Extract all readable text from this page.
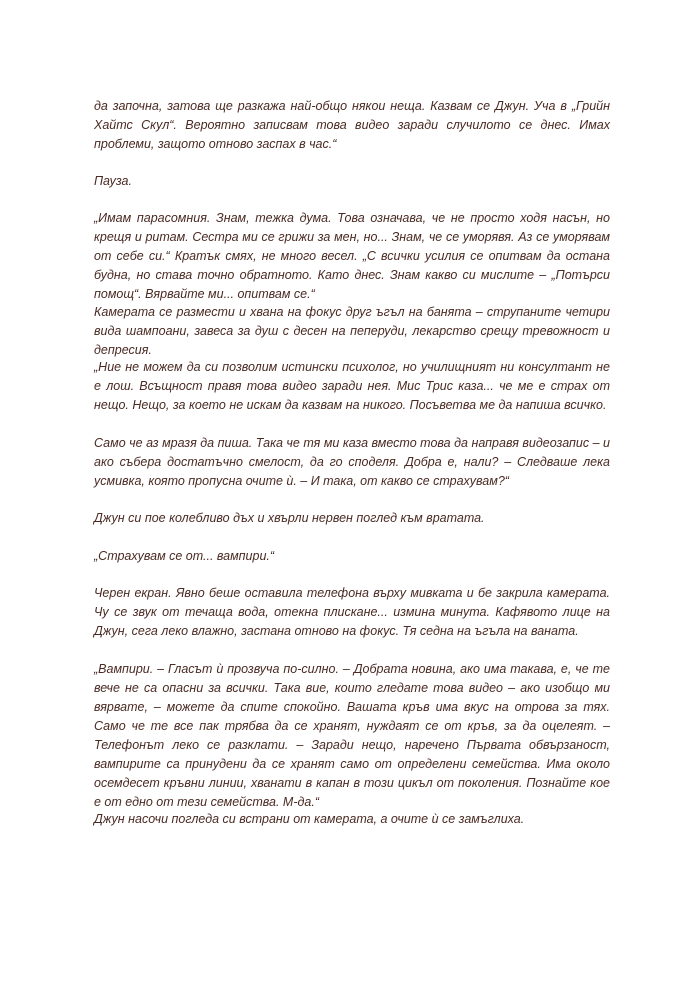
да започна, затова ще разкажа най-общо някои неща. Казвам се Джун. Уча в „Грийн Хайтс Скул“. Вероятно записвам това видео заради случилото се днес. Имах проблеми, защото отново заспах в час.“

Пауза.

„Имам парасомния. Знам, тежка дума. Това означава, че не просто ходя насън, но крещя и ритам. Сестра ми се грижи за мен, но... Знам, че се уморявя. Аз се уморявам от себе си.“ Кратък смях, не много весел. „С всички усилия се опитвам да остана будна, но става точно обратното. Като днес. Знам какво си мислите – „Потърси помощ“. Вярвайте ми... опитвам се.“

Камерата се размести и хвана на фокус друг ъгъл на банята – струпаните четири вида шампоани, завеса за душ с десен на пеперуди, лекарство срещу тревожност и депресия.

„Ние не можем да си позволим истински психолог, но училищният ни консултант не е лош. Всъщност правя това видео заради нея. Мис Трис каза... че ме е страх от нещо. Нещо, за което не искам да казвам на никого. Посъветва ме да напиша всичко.

Само че аз мразя да пиша. Така че тя ми каза вместо това да направя видеозапис – и ако събера достатъчно смелост, да го споделя. Добра е, нали? – Следваше лека усмивка, която пропусна очите ѝ. – И така, от какво се страхувам?“

Джун си пое колебливо дъх и хвърли нервен поглед към вратата.

„Страхувам се от... вампири.“

Черен екран. Явно беше оставила телефона върху мивката и бе закрила камерата. Чу се звук от течаща вода, отекна плискане... измина минута. Кафявото лице на Джун, сега леко влажно, застана отново на фокус. Тя седна на ъгъла на ваната.

„Вампири. – Гласът ѝ прозвуча по-силно. – Добрата новина, ако има такава, е, че те вече не са опасни за всички. Така вие, които гледате това видео – ако изобщо ми вярвате, – можете да спите спокойно. Вашата кръв има вкус на отрова за тях. Само че те все пак трябва да се хранят, нуждаят се от кръв, за да оцелеят. – Телефонът леко се разклати. – Заради нещо, наречено Първата обвързаност, вампирите са принудени да се хранят само от определени семейства. Има около осемдесет кръвни линии, хванати в капан в този цикъл от поколения. Познайте кое е от едно от тези семейства. М-да.“

Джун насочи погледа си встрани от камерата, а очите ѝ се замъглиха.
